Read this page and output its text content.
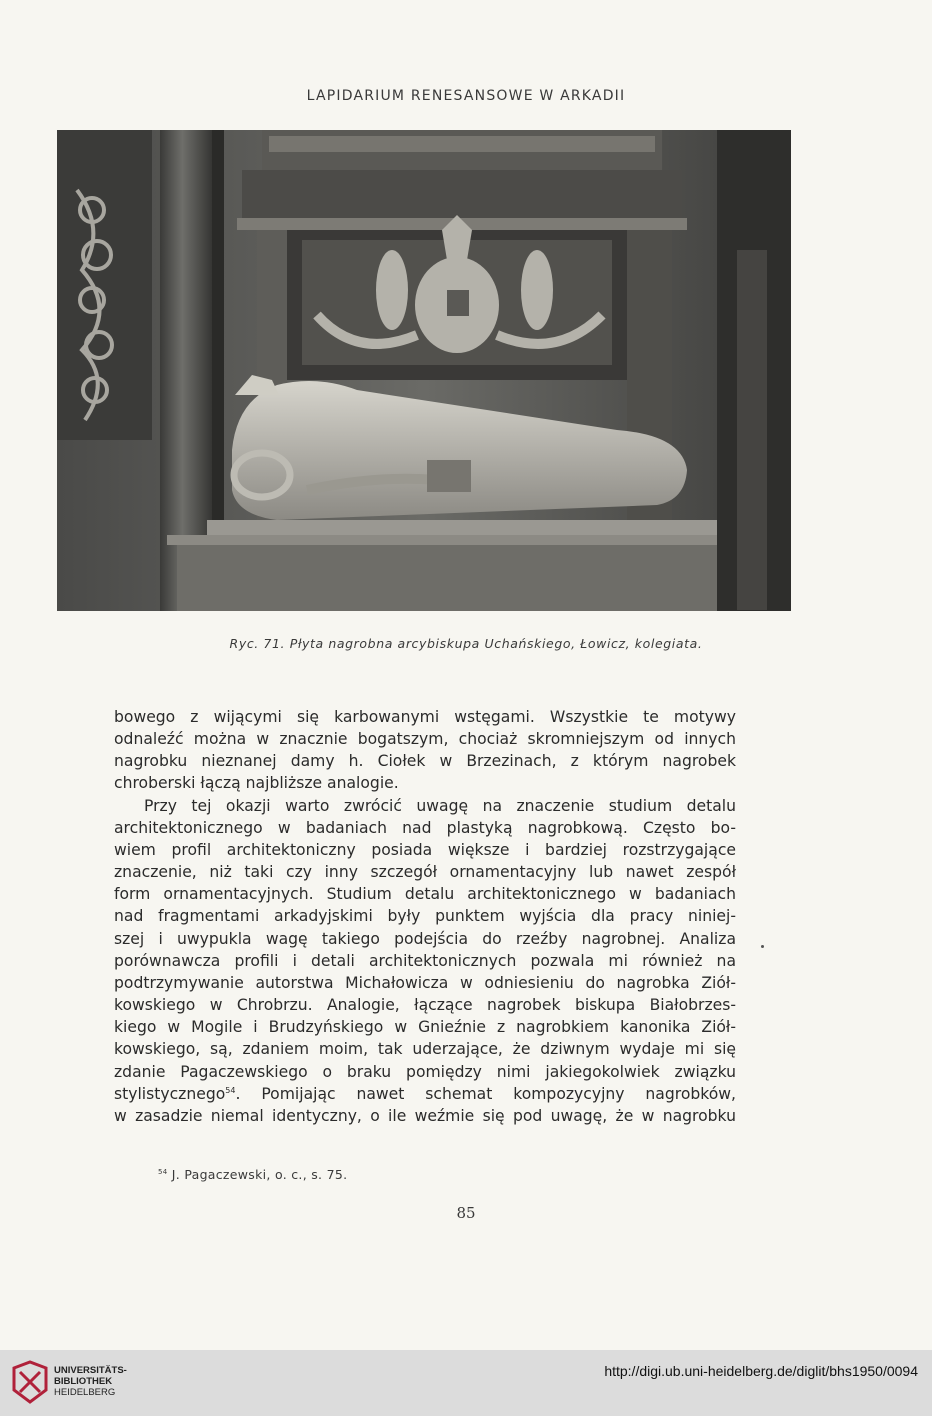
LAPIDARIUM RENESANSOWE W ARKADII
Ryc. 71. Płyta nagrobna arcybiskupa Uchańskiego, Łowicz, kolegiata.
bowego z wijącymi się karbowanymi wstęgami. Wszystkie te motywy
odnaleźć można w znacznie bogatszym, chociaż skromniejszym od innych
nagrobku nieznanej damy h. Ciołek w Brzezinach, z którym nagrobek
chroberski łączą najbliższe analogie.
Przy tej okazji warto zwrócić uwagę na znaczenie studium detalu
architektonicznego w badaniach nad plastyką nagrobkową. Często bo-
wiem profil architektoniczny posiada większe i bardziej rozstrzygające
znaczenie, niż taki czy inny szczegół ornamentacyjny lub nawet zespół
form ornamentacyjnych. Studium detalu architektonicznego w badaniach
nad fragmentami arkadyjskimi były punktem wyjścia dla pracy niniej-
szej i uwypukla wagę takiego podejścia do rzeźby nagrobnej. Analiza
porównawcza profili i detali architektonicznych pozwala mi również na
podtrzymywanie autorstwa Michałowicza w odniesieniu do nagrobka Ziół-
kowskiego w Chrobrzu. Analogie, łączące nagrobek biskupa Białobrzes-
kiego w Mogile i Brudzyńskiego w Gnieźnie z nagrobkiem kanonika Ziół-
kowskiego, są, zdaniem moim, tak uderzające, że dziwnym wydaje mi się
zdanie Pagaczewskiego o braku pomiędzy nimi jakiegokolwiek związku
stylistycznego$^{54}$. Pomijając nawet schemat kompozycyjny nagrobków,
w zasadzie niemal identyczny, o ile weźmie się pod uwagę, że w nagrobku
$^{54}$ J. Pagaczewski, o. c., s. 75.
85
UNIVERSITÄTS-
BIBLIOTHEK
HEIDELBERG
http://digi.ub.uni-heidelberg.de/diglit/bhs1950/0094
